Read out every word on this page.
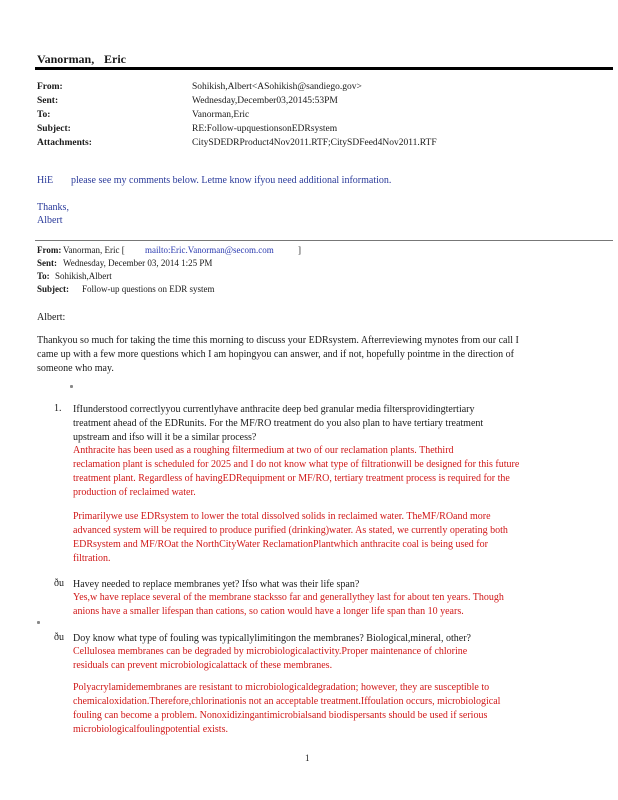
Vanorman, Eric
From:	Sohikish,Albert<ASohikish@sandiego.gov>
Sent:	Wednesday,December03,20145:53PM
To:	Vanorman,Eric
Subject:	RE:Follow-upquestionsonEDRsystem
Attachments:	CitySDEDRProduct4Nov2011.RTF;CitySDFeed4Nov2011.RTF
HiE please see my comments below. Letme know ifyou need additional information.
Thanks,
Albert
From: Vanorman, Eric [ mailto:Eric.Vanorman@secom.com	]
Sent: Wednesday, December 03, 2014 1:25 PM
To: Sohikish,Albert
Subject: Follow-up questions on EDR system
Albert:
Thankyou so much for taking the time this morning to discuss your EDRsystem. Afterreviewing mynotes from our call I
came up with a few more questions which I am hopingyou can answer, and if not, hopefully pointme in the direction of
someone who may.
1. IfIunderstood correctlyyou currentlyhave anthracite deep bed granular media filtersprovidingtertiary
treatment ahead of the EDRunits. For the MF/RO treatment do you also plan to have tertiary treatment
upstream and ifso will it be a similar process?
Anthracite has been used as a roughing filtermedium at two of our reclamation plants. Thethird
reclamation plant is scheduled for 2025 and I do not know what type of filtrationwill be designed for this future
treatment plant. Regardless of havingEDRequipment or MF/RO, tertiary treatment process is required for the
production of reclaimed water.
Primarilywe use EDRsystem to lower the total dissolved solids in reclaimed water. TheMF/ROand more
advanced system will be required to produce purified (drinking)water. As stated, we currently operating both
EDRsystem and MF/ROat the NorthCityWater ReclamationPlantwhich anthracite coal is being used for
filtration.
ðu Havey needed to replace membranes yet? Ifso what was their life span?
Yes,w have replace several of the membrane stacksso far and generallythey last for about ten years. Though
anions have a smaller lifespan than cations, so cation would have a longer life span than 10 years.
ðu Doy know what type of fouling was typicallylimitingon the membranes? Biological,mineral, other?
Cellulosea membranes can be degraded by microbiologicalactivity.Proper maintenance of chlorine
residuals can prevent microbiologicalattack of these membranes.
Polyacrylamidemembranes are resistant to microbiologicaldegradation; however, they are susceptible to
chemicaloxidation.Therefore,chlorinationis not an acceptable treatment.Iffoulation occurs, microbiological
fouling can become a problem. Nonoxidizingantimicrobialsand biodispersants should be used if serious
microbiologicalfoulingpotential exists.
1
